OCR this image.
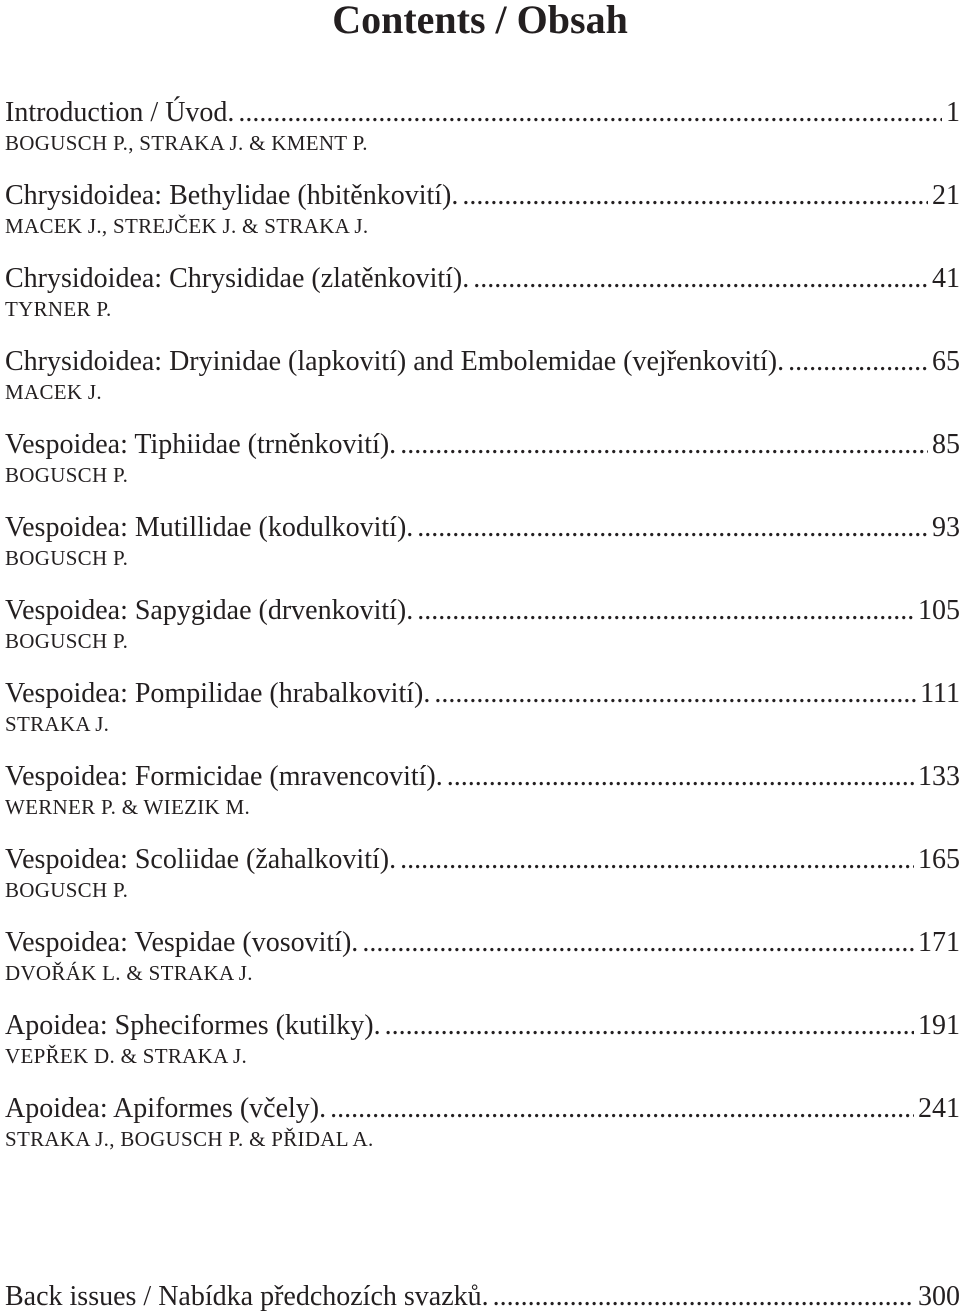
Contents / Obsah
Introduction / Úvod. .....	1
BOGUSCH P., STRAKA J. & KMENT P.
Chrysidoidea: Bethylidae (hbitěnkovití). .....	21
MACEK J., STREJČEK J. & STRAKA J.
Chrysidoidea: Chrysididae (zlatěnkovití). .....	41
TYRNER P.
Chrysidoidea: Dryinidae (lapkovití) and Embolemidae (vejřenkovití). .....	65
MACEK J.
Vespoidea: Tiphiidae (trněnkovití). .....	85
BOGUSCH P.
Vespoidea: Mutillidae (kodulkovití). .....	93
BOGUSCH P.
Vespoidea: Sapygidae (drvenkovití). .....	105
BOGUSCH P.
Vespoidea: Pompilidae (hrabalkovití). .....	111
STRAKA J.
Vespoidea: Formicidae (mravencovití). .....	133
WERNER P. & WIEZIK M.
Vespoidea: Scoliidae (žahalkovití). .....	165
BOGUSCH P.
Vespoidea: Vespidae (vosovití). .....	171
DVOŘÁK L. & STRAKA J.
Apoidea: Spheciformes (kutilky). .....	191
VEPŘEK D. & STRAKA J.
Apoidea: Apiformes (včely). .....	241
STRAKA J., BOGUSCH P. & PŘIDAL A.
Back issues / Nabídka předchozích svazků. .....	300
